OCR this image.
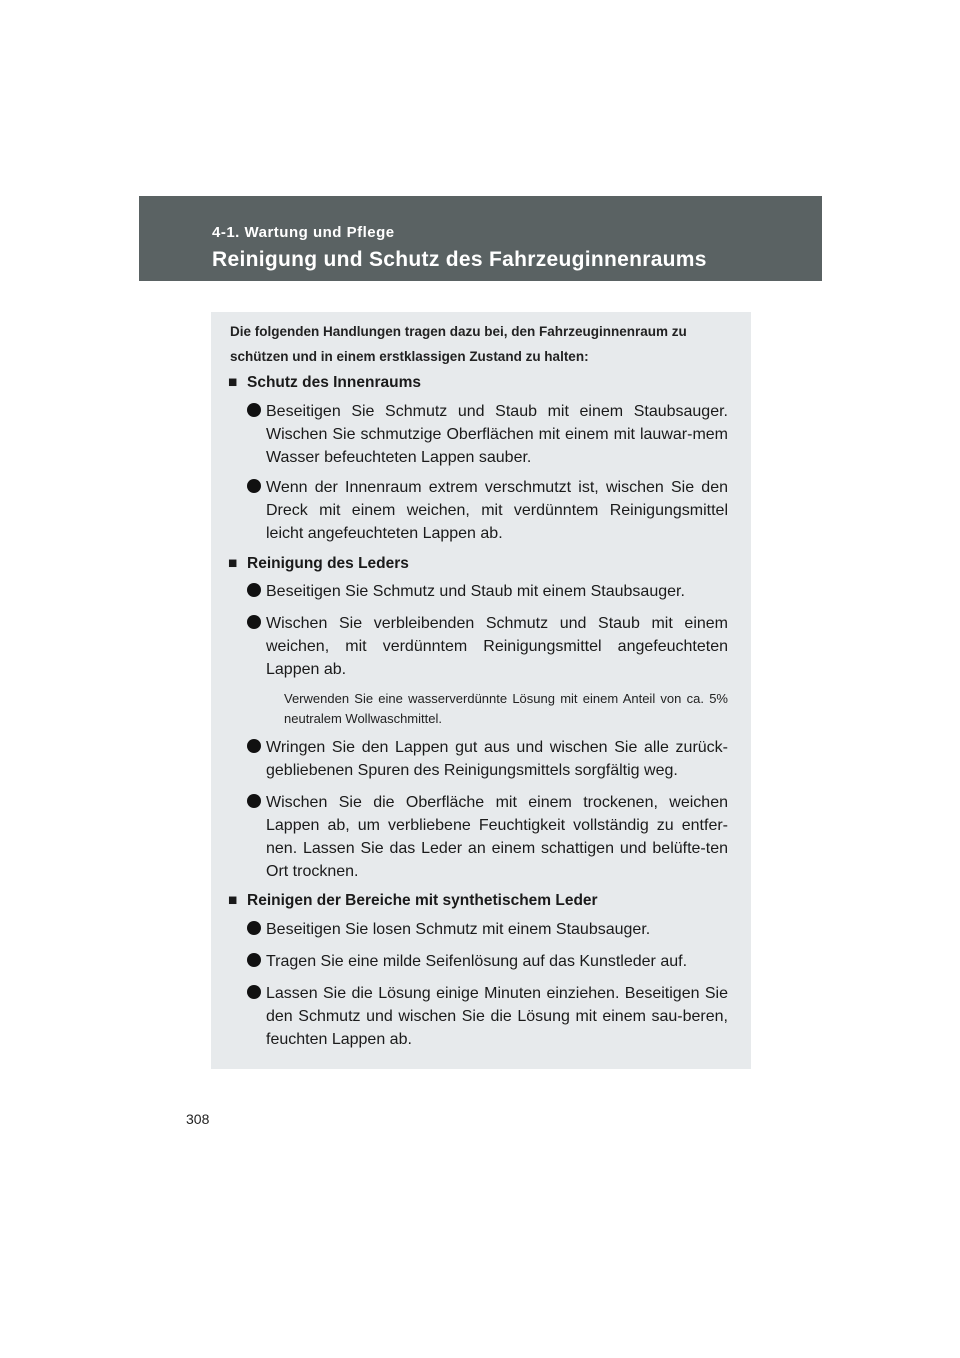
4-1. Wartung und Pflege
Reinigung und Schutz des Fahrzeuginnenraums
Die folgenden Handlungen tragen dazu bei, den Fahrzeuginnenraum zu schützen und in einem erstklassigen Zustand zu halten:
■ Schutz des Innenraums
Beseitigen Sie Schmutz und Staub mit einem Staubsauger. Wischen Sie schmutzige Oberflächen mit einem mit lauwar-mem Wasser befeuchteten Lappen sauber.
Wenn der Innenraum extrem verschmutzt ist, wischen Sie den Dreck mit einem weichen, mit verdünntem Reinigungsmittel leicht angefeuchteten Lappen ab.
■ Reinigung des Leders
Beseitigen Sie Schmutz und Staub mit einem Staubsauger.
Wischen Sie verbleibenden Schmutz und Staub mit einem weichen, mit verdünntem Reinigungsmittel angefeuchteten Lappen ab.
Verwenden Sie eine wasserverdünnte Lösung mit einem Anteil von ca. 5% neutralem Wollwaschmittel.
Wringen Sie den Lappen gut aus und wischen Sie alle zurück-gebliebenen Spuren des Reinigungsmittels sorgfältig weg.
Wischen Sie die Oberfläche mit einem trockenen, weichen Lappen ab, um verbliebene Feuchtigkeit vollständig zu entfer-nen. Lassen Sie das Leder an einem schattigen und belüfte-ten Ort trocknen.
■ Reinigen der Bereiche mit synthetischem Leder
Beseitigen Sie losen Schmutz mit einem Staubsauger.
Tragen Sie eine milde Seifenlösung auf das Kunstleder auf.
Lassen Sie die Lösung einige Minuten einziehen. Beseitigen Sie den Schmutz und wischen Sie die Lösung mit einem sau-beren, feuchten Lappen ab.
308
